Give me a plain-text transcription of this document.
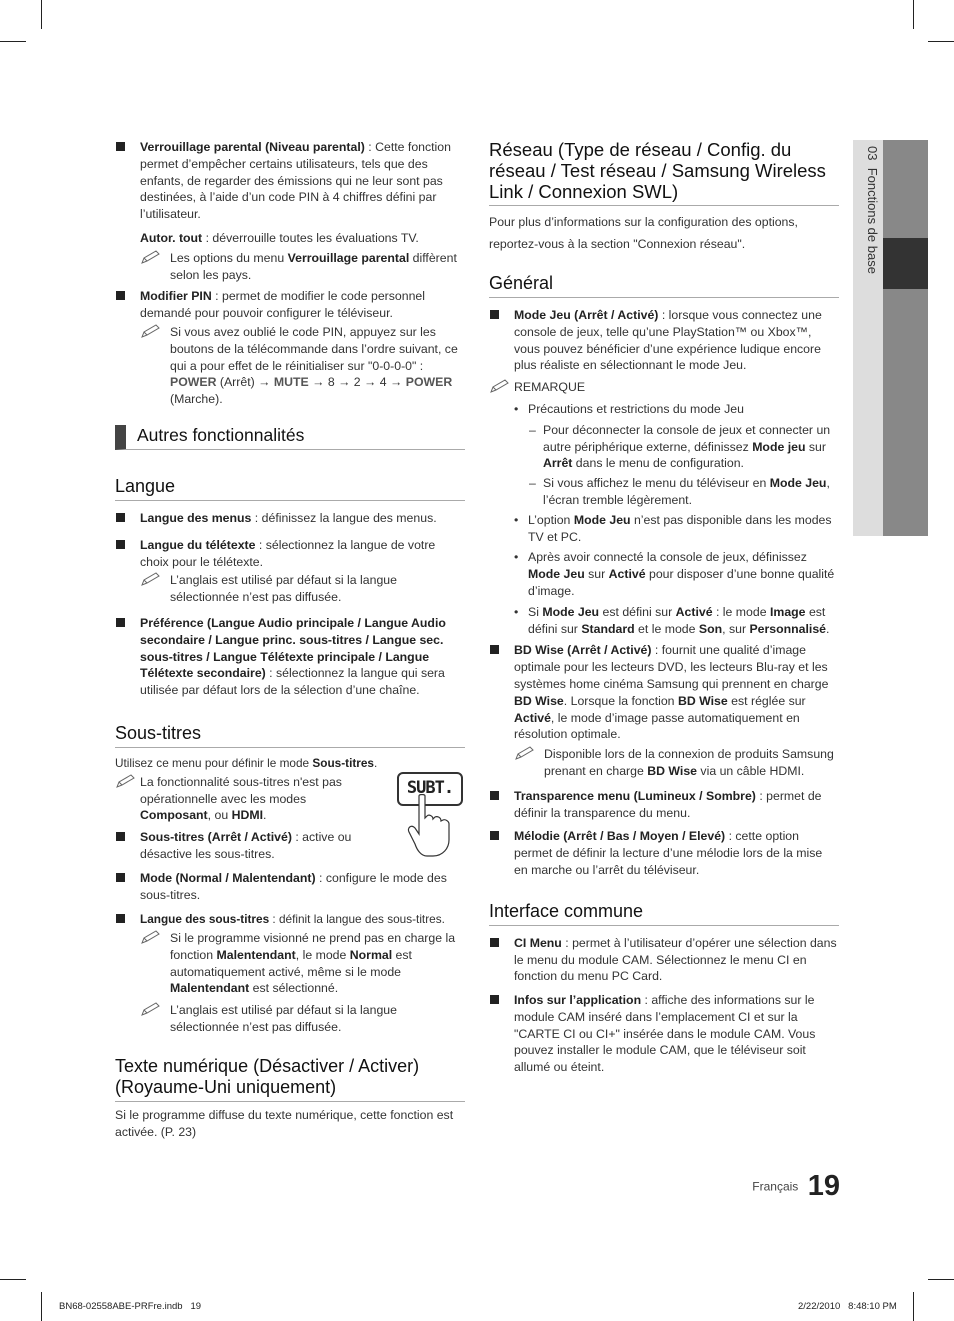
03  Fonctions de base
Verrouillage parental (Niveau parental) : Cette fonction permet d’empêcher certains utilisateurs, tels que des enfants, de regarder des émissions qui ne leur sont pas destinées, à l’aide d’un code PIN à 4 chiffres défini par l’utilisateur.

Autor. tout : déverrouille toutes les évaluations TV.

Les options du menu Verrouillage parental diffèrent selon les pays.
Modifier PIN : permet de modifier le code personnel demandé pour pouvoir configurer le téléviseur.
Si vous avez oublié le code PIN, appuyez sur les boutons de la télécommande dans l’ordre suivant, ce qui a pour effet de le réinitialiser sur "0-0-0-0" : POWER (Arrêt) → MUTE → 8 → 2 → 4 → POWER (Marche).
Autres fonctionnalités
Langue
Langue des menus : définissez la langue des menus.
Langue du télétexte : sélectionnez la langue de votre choix pour le télétexte.
L’anglais est utilisé par défaut si la langue sélectionnée n’est pas diffusée.
Préférence (Langue Audio principale / Langue Audio secondaire / Langue princ. sous-titres / Langue sec. sous-titres / Langue Télétexte principale / Langue Télétexte secondaire) : sélectionnez la langue qui sera utilisée par défaut lors de la sélection d’une chaîne.
Sous-titres

Utilisez ce menu pour définir le mode Sous-titres.

SUBT.
La fonctionnalité sous-titres n'est pas opérationnelle avec les modes Composant, ou HDMI.
Sous-titres (Arrêt / Activé) : active ou désactive les sous-titres.
Mode (Normal / Malentendant) : configure le mode des sous-titres.
Langue des sous-titres : définit la langue des sous-titres.
Si le programme visionné ne prend pas en charge la fonction Malentendant, le mode Normal est automatiquement activé, même si le mode Malentendant est sélectionné.
L’anglais est utilisé par défaut si la langue sélectionnée n’est pas diffusée.
Texte numérique (Désactiver / Activer) (Royaume-Uni uniquement)

Si le programme diffuse du texte numérique, cette fonction est activée. (P. 23)

Réseau (Type de réseau / Config. du réseau / Test réseau / Samsung Wireless Link / Connexion SWL)

Pour plus d’informations sur la configuration des options, reportez-vous à la section "Connexion réseau".

Général
Mode Jeu (Arrêt / Activé) : lorsque vous connectez une console de jeux, telle qu’une PlayStation™ ou Xbox™, vous pouvez bénéficier d’une expérience ludique encore plus réaliste en sélectionnant le mode Jeu.
REMARQUE
• Précautions et restrictions du mode Jeu
– Pour déconnecter la console de jeux et connecter un autre périphérique externe, définissez Mode jeu sur Arrêt dans le menu de configuration.
– Si vous affichez le menu du téléviseur en Mode Jeu, l’écran tremble légèrement.
• L’option Mode Jeu n’est pas disponible dans les modes TV et PC.
• Après avoir connecté la console de jeux, définissez Mode Jeu sur Activé pour disposer d’une bonne qualité d’image.
• Si Mode Jeu est défini sur Activé : le mode Image est défini sur Standard et le mode Son, sur Personnalisé.
BD Wise (Arrêt / Activé) : fournit une qualité d’image optimale pour les lecteurs DVD, les lecteurs Blu-ray et les systèmes home cinéma Samsung qui prennent en charge BD Wise. Lorsque la fonction BD Wise est réglée sur Activé, le mode d’image passe automatiquement en résolution optimale.
Disponible lors de la connexion de produits Samsung prenant en charge BD Wise via un câble HDMI.
Transparence menu (Lumineux / Sombre) : permet de définir la transparence du menu.
Mélodie (Arrêt / Bas / Moyen / Elevé) : cette option permet de définir la lecture d’une mélodie lors de la mise en marche ou l’arrêt du téléviseur.
Interface commune
CI Menu : permet à l’utilisateur d’opérer une sélection dans le menu du module CAM. Sélectionnez le menu CI en fonction du menu PC Card.
Infos sur l’application : affiche des informations sur le module CAM inséré dans l’emplacement CI et sur la "CARTE CI ou CI+" insérée dans le module CAM. Vous pouvez installer le module CAM, que le téléviseur soit allumé ou éteint.
Français 19
BN68-02558ABE-PRFre.indb   19	2/22/2010   8:48:10 PM
